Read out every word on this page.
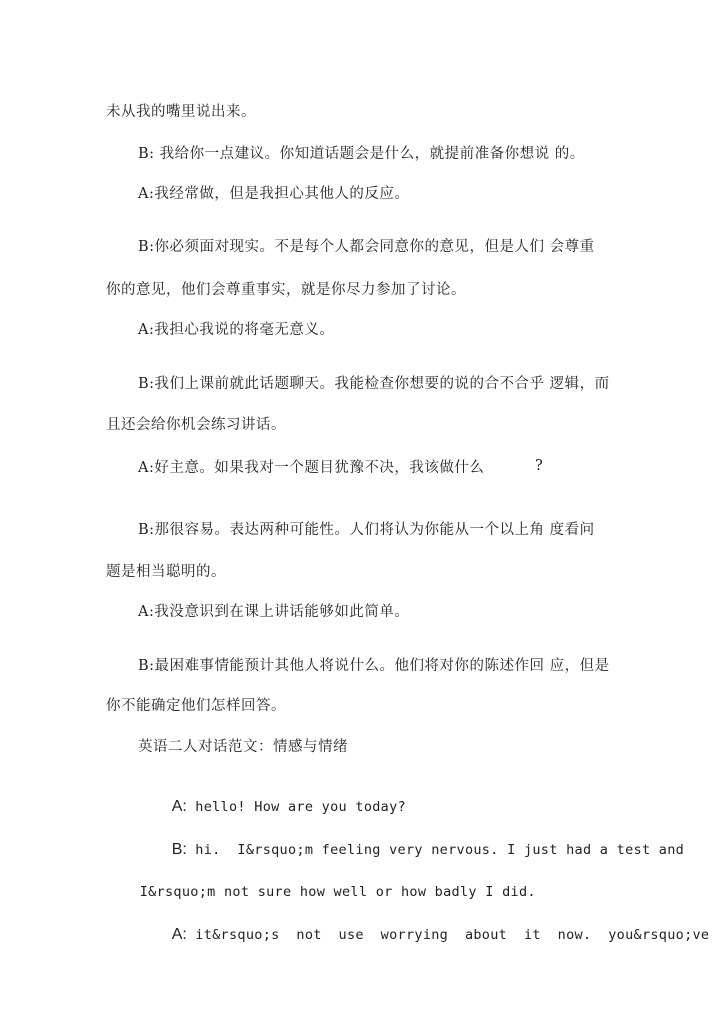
未从我的嘴里说出来。
B: 我给你一点建议。你知道话题会是什么，就提前准备你想说 的。
A:我经常做，但是我担心其他人的反应。
B:你必须面对现实。不是每个人都会同意你的意见，但是人们 会尊重
你的意见，他们会尊重事实，就是你尽力参加了讨论。
A:我担心我说的将毫无意义。
B:我们上课前就此话题聊天。我能检查你想要的说的合不合乎 逻辑，而
且还会给你机会练习讲话。
A:好主意。如果我对一个题目犹豫不决，我该做什么	?
B:那很容易。表达两种可能性。人们将认为你能从一个以上角 度看问
题是相当聪明的。
A:我没意识到在课上讲话能够如此简单。
B:最困难事情能预计其他人将说什么。他们将对你的陈述作回 应，但是
你不能确定他们怎样回答。
英语二人对话范文：情感与情绪

A: hello! How are you today?

B: hi.  I&rsquo;m feeling very nervous. I just had a test and

I&rsquo;m not sure how well or how badly I did.

A: it&rsquo;s  not  use  worrying  about  it  now.  you&rsquo;ve
